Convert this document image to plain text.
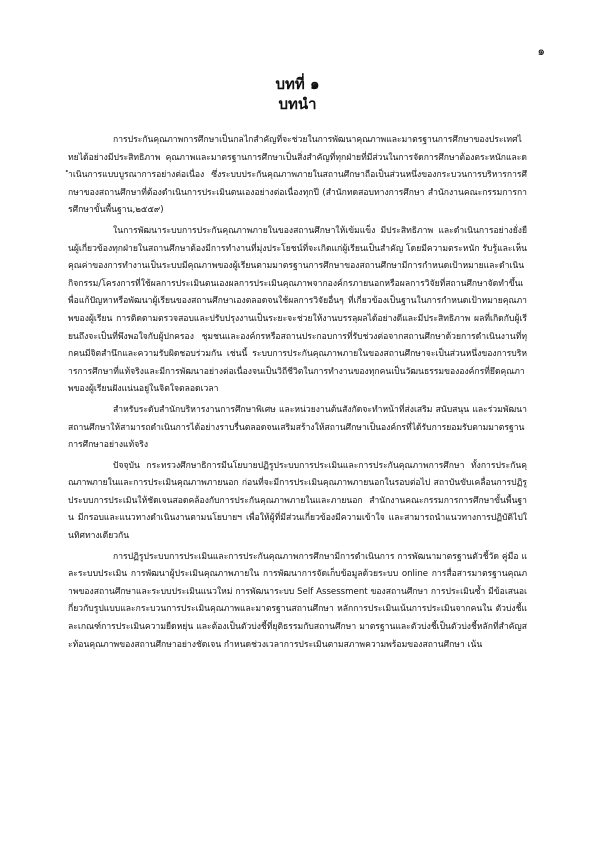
๑

บทที่ ๑

บทนำ

การประกันคุณภาพการศึกษาเป็นกลไกสำคัญที่จะช่วยในการพัฒนาคุณภาพและมาตรฐานการศึกษาของประเทศไทยได้อย่างมีประสิทธิภาพ คุณภาพและมาตรฐานการศึกษาเป็นสิ่งสำคัญที่ทุกฝ่ายที่มีส่วนในการจัดการศึกษาต้องตระหนักและดำเนินการแบบบูรณาการอย่างต่อเนื่อง ซึ่งระบบประกันคุณภาพภายในสถานศึกษาถือเป็นส่วนหนึ่งของกระบวนการบริหารการศึกษาของสถานศึกษาที่ต้องดำเนินการประเมินตนเองอย่างต่อเนื่องทุกปี (สำนักทดสอบทางการศึกษา สำนักงานคณะกรรมการการศึกษาขั้นพื้นฐาน,๒๕๕๙)

ในการพัฒนาระบบการประกันคุณภาพภายในของสถานศึกษาให้เข้มแข็ง มีประสิทธิภาพ และดำเนินการอย่างยั่งยืนผู้เกี่ยวข้องทุกฝ่ายในสถานศึกษาต้องมีการทำงานที่มุ่งประโยชน์ที่จะเกิดแก่ผู้เรียนเป็นสำคัญ โดยมีความตระหนัก รับรู้และเห็นคุณค่าของการทำงานเป็นระบบมีคุณภาพของผู้เรียนตามมาตรฐานการศึกษาของสถานศึกษามีการกำหนดเป้าหมายและดำเนินกิจกรรม/โครงการที่ใช้ผลการประเมินตนเองผลการประเมินคุณภาพจากองค์กรภายนอกหรือผลการวิจัยที่สถานศึกษาจัดทำขึ้นเพื่อแก้ปัญหาหรือพัฒนาผู้เรียนของสถานศึกษาเองตลอดจนใช้ผลการวิจัยอื่นๆ ที่เกี่ยวข้องเป็นฐานในการกำหนดเป้าหมายคุณภาพของผู้เรียน การติดตามตรวจสอบและปรับปรุงงานเป็นระยะจะช่วยให้งานบรรลุผลได้อย่างดีและมีประสิทธิภาพ ผลที่เกิดกับผู้เรียนถึงจะเป็นที่พึงพอใจกับผู้ปกครอง ชุมชนและองค์กรหรือสถานประกอบการที่รับช่วงต่อจากสถานศึกษาด้วยการดำเนินงานที่ทุกคนมีจิตสำนึกและความรับผิดชอบร่วมกัน เช่นนี้ ระบบการประกันคุณภาพภายในของสถานศึกษาจะเป็นส่วนหนึ่งของการบริหารการศึกษาที่แท้จริงและมีการพัฒนาอย่างต่อเนื่องจนเป็นวิถีชีวิตในการทำงานของทุกคนเป็นวัฒนธรรมขององค์กรที่ยึดคุณภาพของผู้เรียนฝังแน่นอยู่ในจิตใจตลอดเวลา

สำหรับระดับสำนักบริหารงานการศึกษาพิเศษ และหน่วยงานต้นสังกัดจะทำหน้าที่ส่งเสริม สนับสนุน และร่วมพัฒนาสถานศึกษาให้สามารถดำเนินการได้อย่างราบรื่นตลอดจนเสริมสร้างให้สถานศึกษาเป็นองค์กรที่ได้รับการยอมรับตามมาตรฐานการศึกษาอย่างแท้จริง

ปัจจุบัน กระทรวงศึกษาธิการมีนโยบายปฏิรูประบบการประเมินและการประกันคุณภาพการศึกษา ทั้งการประกันคุณภาพภายในและการประเมินคุณภาพภายนอก ก่อนที่จะมีการประเมินคุณภาพภายนอกในรอบต่อไป สถาบันขับเคลื่อนการปฏิรูประบบการประเมินให้ชัดเจนสอดคล้องกับการประกันคุณภาพภายในและภายนอก สำนักงานคณะกรรมการการศึกษาขั้นพื้นฐาน มีกรอบและแนวทางดำเนินงานตามนโยบายฯ เพื่อให้ผู้ที่มีส่วนเกี่ยวข้องมีความเข้าใจ และสามารถนำแนวทางการปฏิบัติไปในทิศทางเดียวกัน

การปฏิรูประบบการประเมินและการประกันคุณภาพการศึกษามีการดำเนินการ การพัฒนามาตรฐานตัวชี้วัด คู่มือ และระบบประเมิน การพัฒนาผู้ประเมินคุณภาพภายใน การพัฒนาการจัดเก็บข้อมูลด้วยระบบ online การสื่อสารมาตรฐานคุณภาพของสถานศึกษาและระบบประเมินแนวใหม่ การพัฒนาระบบ Self Assessment ของสถานศึกษา การประเมินซ้ำ มีข้อเสนอเกี่ยวกับรูปแบบและกระบวนการประเมินคุณภาพและมาตรฐานสถานศึกษา หลักการประเมินเน้นการประเมินจากคนใน ตัวบ่งชี้และเกณฑ์การประเมินความยืดหยุ่น และต้องเป็นตัวบ่งชี้ที่ยุติธรรมกับสถานศึกษา มาตรฐานและตัวบ่งชี้เป็นตัวบ่งชี้หลักที่สำคัญสะท้อนคุณภาพของสถานศึกษาอย่างชัดเจน กำหนดช่วงเวลาการประเมินตามสภาพความพร้อมของสถานศึกษา เน้น
